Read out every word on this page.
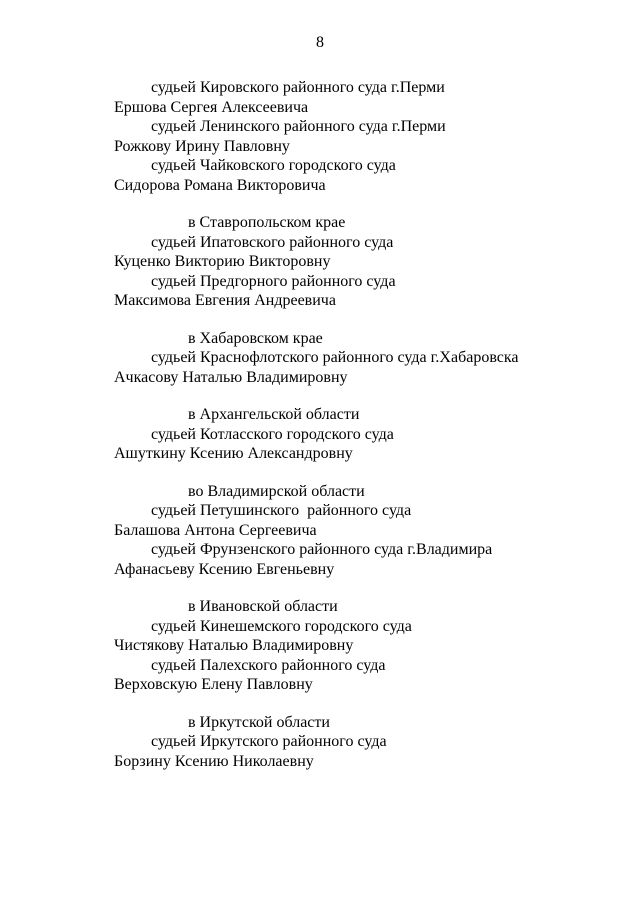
8
судьей Кировского районного суда г.Перми
Ершова Сергея Алексеевича
судьей Ленинского районного суда г.Перми
Рожкову Ирину Павловну
судьей Чайковского городского суда
Сидорова Романа Викторовича
в Ставропольском крае
судьей Ипатовского районного суда
Куценко Викторию Викторовну
судьей Предгорного районного суда
Максимова Евгения Андреевича
в Хабаровском крае
судьей Краснофлотского районного суда г.Хабаровска
Ачкасову Наталью Владимировну
в Архангельской области
судьей Котласского городского суда
Ашуткину Ксению Александровну
во Владимирской области
судьей Петушинского  районного суда
Балашова Антона Сергеевича
судьей Фрунзенского районного суда г.Владимира
Афанасьеву Ксению Евгеньевну
в Ивановской области
судьей Кинешемского городского суда
Чистякову Наталью Владимировну
судьей Палехского районного суда
Верховскую Елену Павловну
в Иркутской области
судьей Иркутского районного суда
Борзину Ксению Николаевну
